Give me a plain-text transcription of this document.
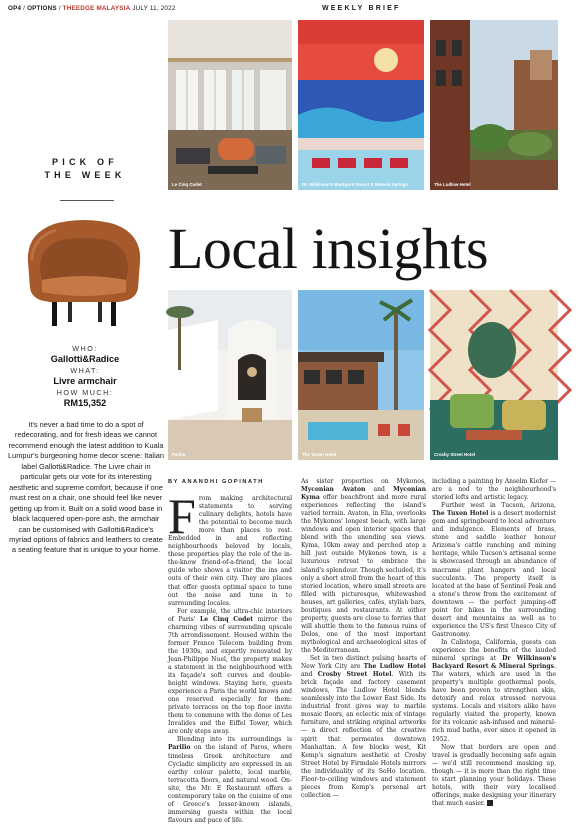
OP4 / OPTIONS / THEEDGE MALAYSIA JULY 11, 2022	WEEKLY BRIEF
PICK OF
THE WEEK
WHO:
Gallotti&Radice
WHAT:
Livre armchair
HOW MUCH:
RM15,352
It's never a bad time to do a spot of redecorating, and for fresh ideas we cannot recommend enough the latest addition to Kuala Lumpur's burgeoning home decor scene: Italian label Gallotti&Radice. The Livre chair in particular gets our vote for its interesting aesthetic and supreme comfort, because if one must rest on a chair, one should feel like never getting up from it. Built on a solid wood base in black lacquered open-pore ash, the armchair can be customised with Gallotti&Radice's myriad options of fabrics and leathers to create a seating feature that is unique to your home.
Le Cinq Codet	Dr. Wilkinson's Backyard Resort & Mineral Springs	The Ludlow Hotel
Local insights
Parilio	The Tuxon Hotel	Crosby Street Hotel
BY ANANDHI GOPINATH

From making architectural statements to serving culinary delights, hotels have the potential to become much more than places to rest. Embedded in and reflecting neighbourhoods beloved by locals, these properties play the role of the in-the-know friend-of-a-friend, the local guide who shows a visitor the ins and outs of their own city. They are places that offer guests optimal space to tune out the noise and tune in to surrounding locales.

For example, the ultra-chic interiors of Paris' Le Cinq Codet mirror the charming vibes of surrounding upscale 7th arrondissement. Housed within the former France Telecom building from the 1930s, and expertly renovated by Jean-Philippe Nuel, the property makes a statement in the neighbourhood with its façade's soft curves and double-height windows. Staying here, guests experience a Paris the world knows and one reserved especially for them: private terraces on the top floor invite them to commune with the dome of Les Invalides and the Eiffel Tower, which are only steps away.

Blending into its surroundings is Parilio on the island of Paros, where timeless Greek architecture and Cycladic simplicity are expressed in an earthy colour palette, local marble, terracotta floors, and natural wood. On-site, the Mr. E Restaurant offers a contemporary take on the cuisine of one of Greece's lesser-known islands, immersing guests within the local flavours and pace of life.

As sister properties on Mykonos, Myconian Avaton and Myconian Kyma offer beachfront and more rural experiences reflecting the island's varied terrain. Avaton, in Elia, overlooks the Mykonos' longest beach, with large windows and open interior spaces that blend with the unending sea views. Kyma, 10km away and perched atop a hill just outside Mykonos town, is a luxurious retreat to embrace the island's splendour. Though secluded, it's only a short stroll from the heart of this storied location, where small streets are filled with picturesque, whitewashed houses, art galleries, cafés, stylish bars, boutiques and restaurants. At either property, guests are close to ferries that will shuttle them to the famous ruins of Delos, one of the most important mythological and archaeological sites of the Mediterranean.

Set in two distinct pulsing hearts of New York City are The Ludlow Hotel and Crosby Street Hotel. With its brick façade and factory casement windows, The Ludlow Hotel blends seamlessly into the Lower East Side. Its industrial front gives way to marble mosaic floors, an eclectic mix of vintage furniture, and striking original artworks — a direct reflection of the creative spirit that permeates downtown Manhattan. A few blocks west, Kit Kemp's signature aesthetic at Crosby Street Hotel by Firmdale Hotels mirrors the individuality of its SoHo location. Floor-to-ceiling windows and statement pieces from Kemp's personal art collection —

including a painting by Anselm Kiefer — are a nod to the neighbourhood's storied lofts and artistic legacy.

Further west in Tucson, Arizona, The Tuxon Hotel is a desert modernist gem and springboard to local adventure and indulgence. Elements of brass, stone and saddle leather honour Arizona's cattle ranching and mining heritage, while Tucson's artisanal scene is showcased through an abundance of macramé plant hangers and local succulents. The property itself is located at the base of Sentinel Peak and a stone's throw from the excitement of downtown — the perfect jumping-off point for hikes in the surrounding desert and mountains as well as to experience the US's first Unesco City of Gastronomy.

In Calistoga, California, guests can experience the benefits of the lauded mineral springs at Dr Wilkinson's Backyard Resort & Mineral Springs. The waters, which are used in the property's multiple geothermal pools, have been proven to strengthen skin, detoxify and relax stressed nervous systems. Locals and visitors alike have regularly visited the property, known for its volcanic ash-infused and mineral-rich mud baths, ever since it opened in 1952.

Now that borders are open and travel is gradually becoming safe again — we'd still recommend masking up, though — it is more than the right time to start planning your holidays. These hotels, with their very localised offerings, make designing your itinerary that much easier.
